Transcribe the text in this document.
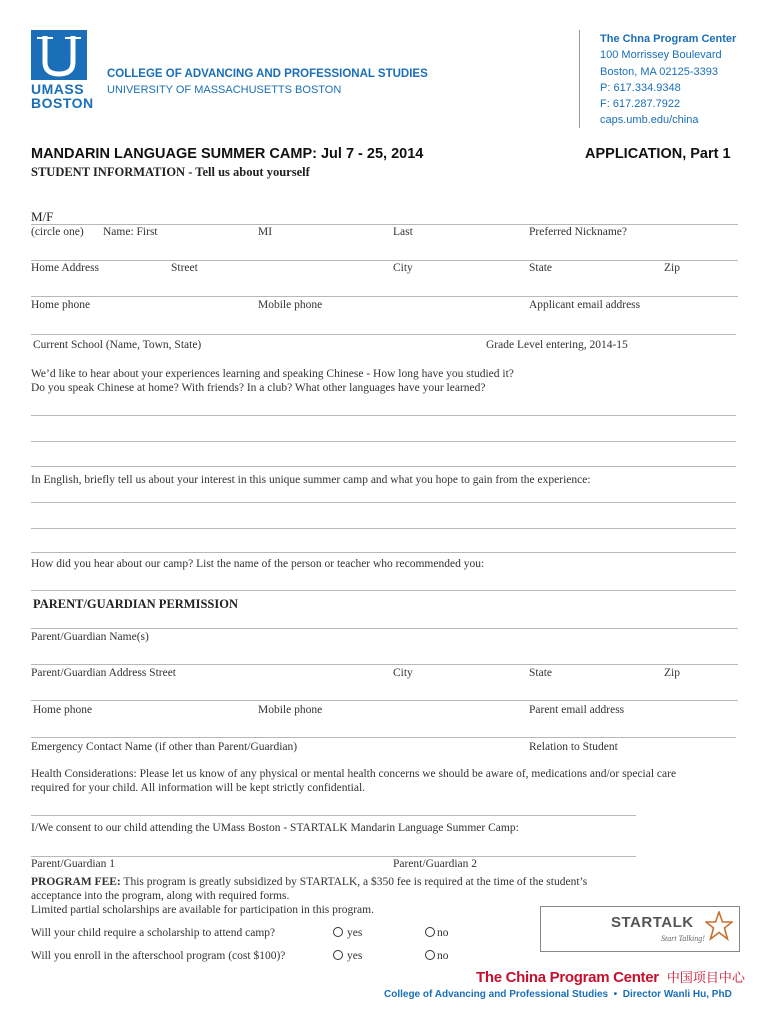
UMASS
BOSTON
COLLEGE OF ADVANCING AND PROFESSIONAL STUDIES
UNIVERSITY OF MASSACHUSETTS BOSTON
The Chna Program Center
100 Morrissey Boulevard
Boston, MA 02125-3393
P: 617.334.9348
F: 617.287.7922
caps.umb.edu/china
MANDARIN LANGUAGE SUMMER CAMP: Jul 7 - 25, 2014	APPLICATION, Part 1
STUDENT INFORMATION - Tell us about yourself
M/F
(circle one) Name: First	MI	Last	Preferred Nickname?
Home Address	Street	City	State	Zip
Home phone	Mobile phone	Applicant email address
Current School (Name, Town, State)	Grade Level entering, 2014-15
We’d like to hear about your experiences learning and speaking Chinese - How long have you studied it?
Do you speak Chinese at home? With friends? In a club? What other languages have your learned?
In English, briefly tell us about your interest in this unique summer camp and what you hope to gain from the experience:
How did you hear about our camp? List the name of the person or teacher who recommended you:
PARENT/GUARDIAN PERMISSION
Parent/Guardian Name(s)
Parent/Guardian Address Street	City	State	Zip
Home phone	Mobile phone	Parent email address
Emergency Contact Name (if other than Parent/Guardian)	Relation to Student
Health Considerations: Please let us know of any physical or mental health concerns we should be aware of, medications and/or special care
required for your child. All information will be kept strictly confidential.
I/We consent to our child attending the UMass Boston - STARTALK Mandarin Language Summer Camp:
Parent/Guardian 1	Parent/Guardian 2
PROGRAM FEE: This program is greatly subsidized by STARTALK, a $350 fee is required at the time of the student’s
acceptance into the program, along with required forms.
Limited partial scholarships are available for participation in this program.
Will your child require a scholarship to attend camp?	yes	no
Will you enroll in the afterschool program (cost $100)?	yes	no
STARTALK
Start Talking!
The China Program Center 中国项目中心
College of Advancing and Professional Studies  •  Director Wanli Hu, PhD
